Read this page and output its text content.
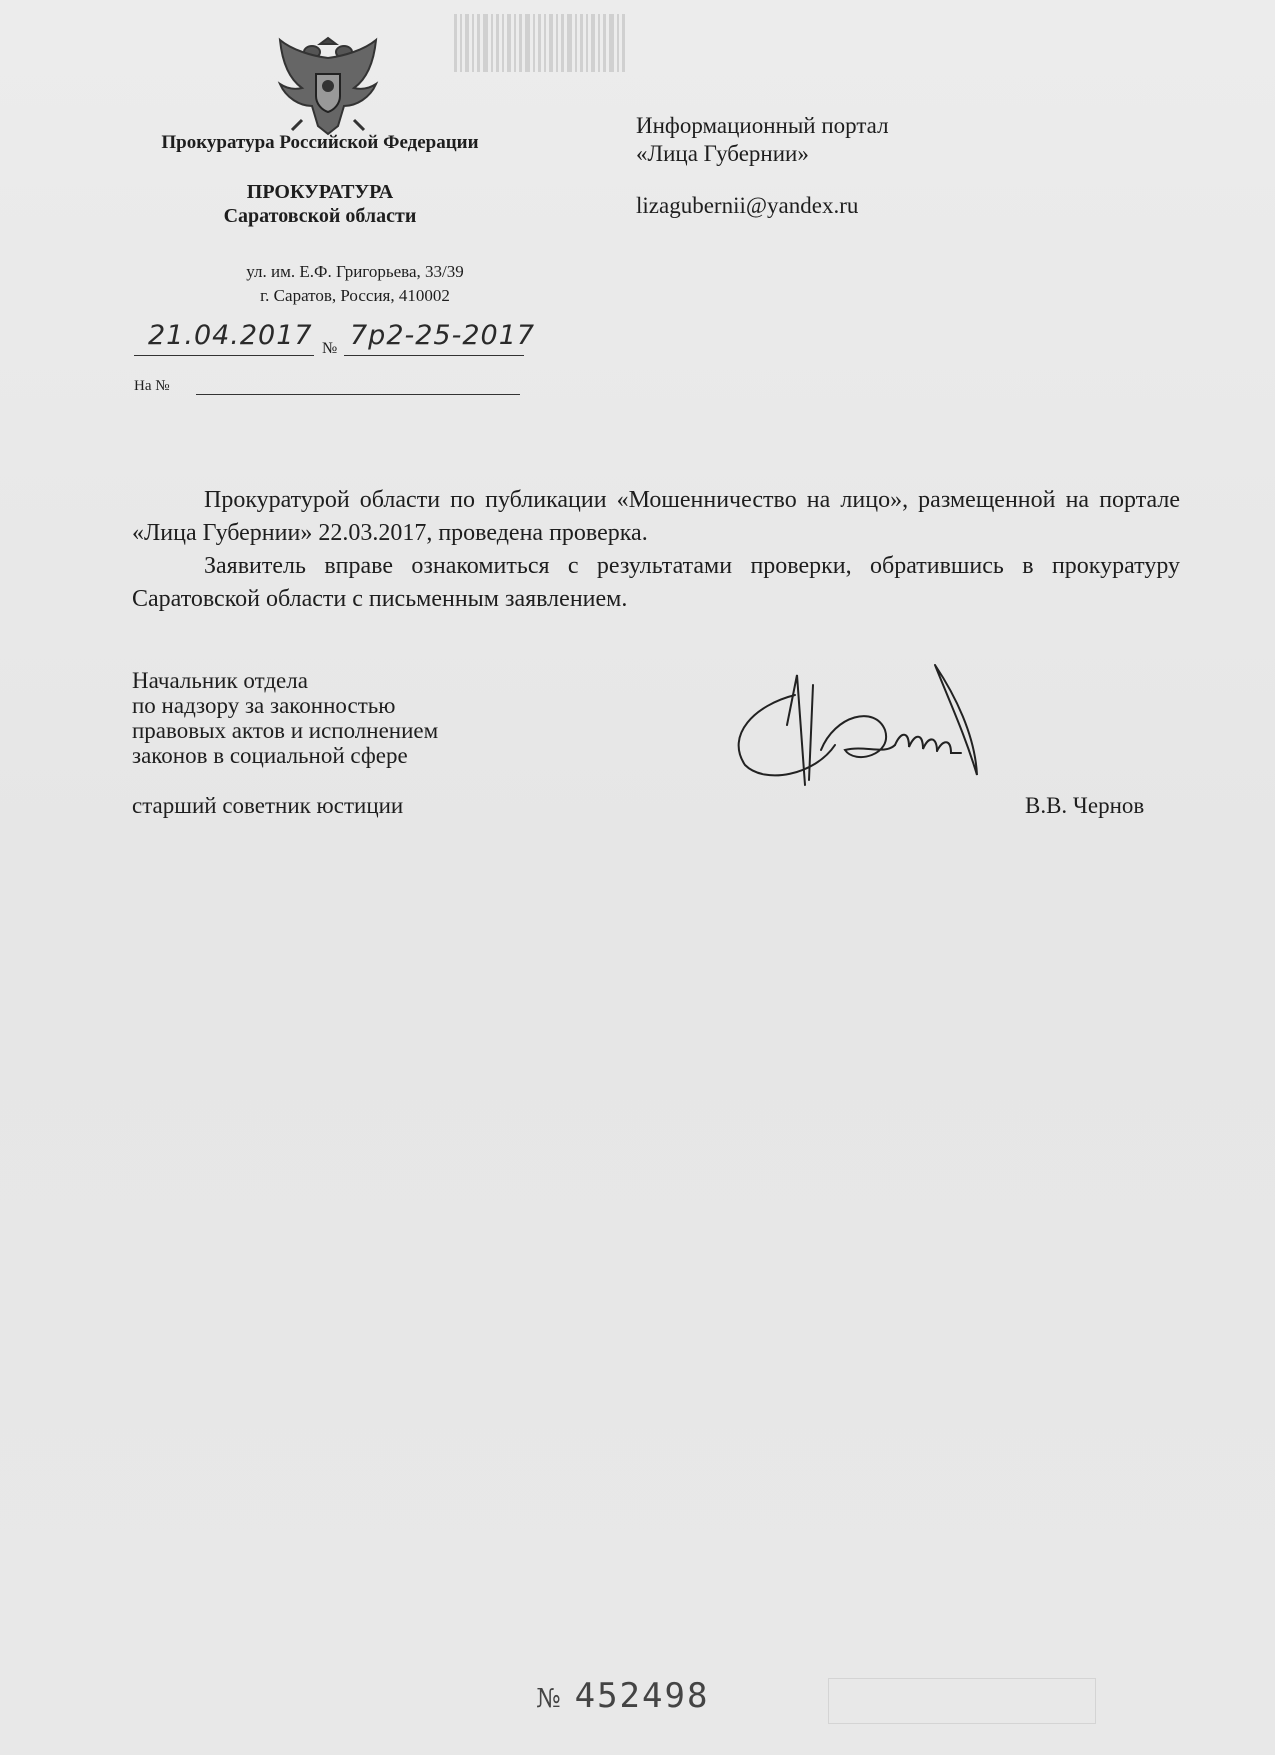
Прокуратура Российской Федерации
ПРОКУРАТУРА
Саратовской области
ул. им. Е.Ф. Григорьева, 33/39
г. Саратов, Россия, 410002
21.04.2017 № 7р2-25-2017
На №
Информационный портал
«Лица Губернии»
lizagubernii@yandex.ru

Прокуратурой области по публикации «Мошенничество на лицо», размещенной на портале «Лица Губернии» 22.03.2017, проведена проверка.

Заявитель вправе ознакомиться с результатами проверки, обратившись в прокуратуру Саратовской области с письменным заявлением.

Начальник отдела
по надзору за законностью
правовых актов и исполнением
законов в социальной сфере
старший советник юстиции	В.В. Чернов
№ 452498
